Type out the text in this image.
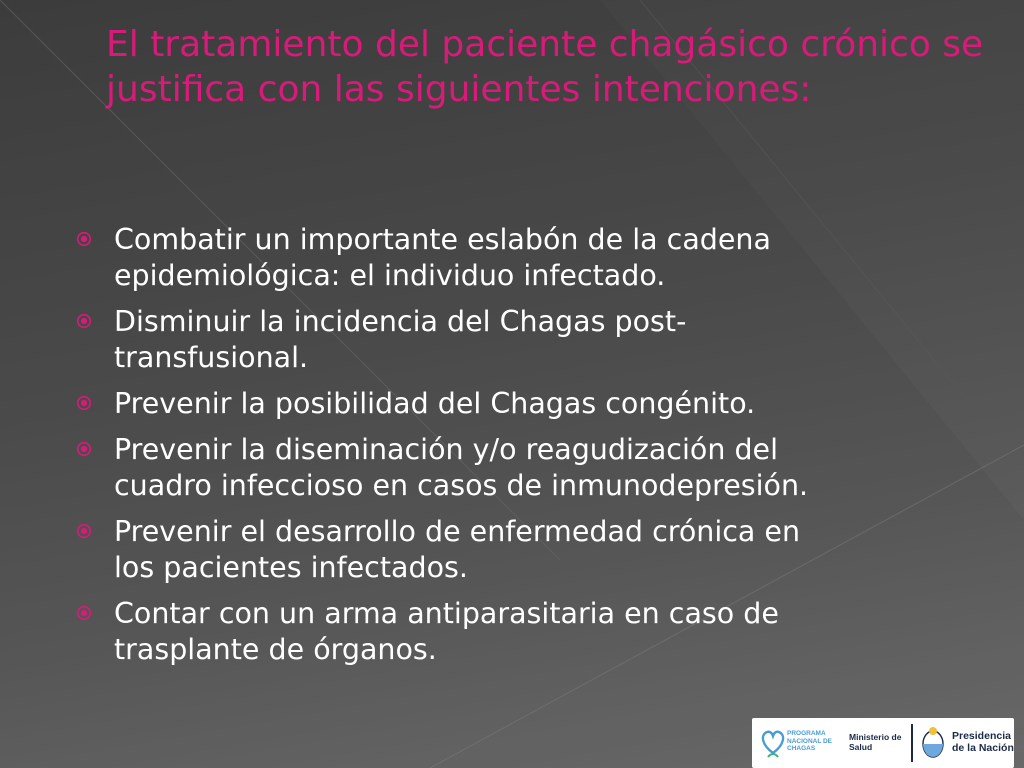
El tratamiento del paciente chagásico crónico se justifica con las siguientes intenciones:
Combatir un importante eslabón de la cadena
epidemiológica: el individuo infectado.
Disminuir la incidencia del Chagas post-
transfusional.
Prevenir la posibilidad del Chagas congénito.
Prevenir la diseminación y/o reagudización del
cuadro infeccioso en casos de inmunodepresión.
Prevenir el desarrollo de enfermedad crónica en
los pacientes infectados.
Contar con un arma antiparasitaria en caso de
trasplante de órganos.
PROGRAMA
NACIONAL DE
CHAGAS
Ministerio de
Salud
Presidencia
de la Nación
